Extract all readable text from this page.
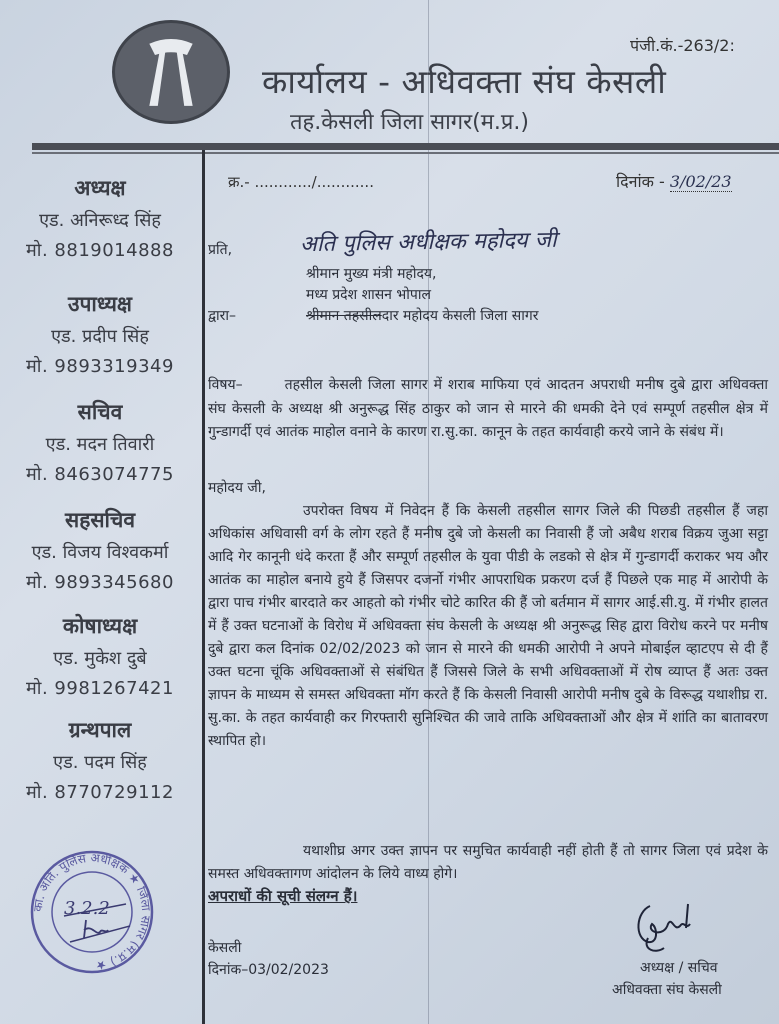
पंजी.कं.-263/2:
कार्यालय - अधिवक्ता संघ केसली
तह.केसली जिला सागर(म.प्र.)
अध्यक्ष
एड. अनिरूध्द सिंह
मो. 8819014888
उपाध्यक्ष
एड. प्रदीप सिंह
मो. 9893319349
सचिव
एड. मदन तिवारी
मो. 8463074775
सहसचिव
एड. विजय विश्वकर्मा
मो. 9893345680
कोषाध्यक्ष
एड. मुकेश दुबे
मो. 9981267421
ग्रन्थपाल
एड. पदम सिंह
मो. 8770729112
क्र.- ............/............	दिनांक - 3/02/23
प्रति,	अति पुलिस अधीक्षक महोदय जी
श्रीमान मुख्य मंत्री महोदय,
मध्य प्रदेश शासन भोपाल
द्वारा–	श्रीमान तहसीलदार महोदय केसली जिला सागर
विषय–	तहसील केसली जिला सागर में शराब माफिया एवं आदतन अपराधी मनीष दुबे द्वारा अधिवक्ता संघ केसली के अध्यक्ष श्री अनुरूद्ध सिंह ठाकुर को जान से मारने की धमकी देने एवं सम्पूर्ण तहसील क्षेत्र में गुन्डागर्दी एवं आतंक माहोल वनाने के कारण रा.सु.का. कानून के तहत कार्यवाही करये जाने के संबंध में।
महोदय जी,
उपरोक्त विषय में निवेदन हैं कि केसली तहसील सागर जिले की पिछडी तहसील हैं जहा अधिकांस अधिवासी वर्ग के लोग रहते हैं मनीष दुबे जो केसली का निवासी हैं जो अबैध शराब विक्रय जुआ सट्टा आदि गेर कानूनी धंदे करता हैं और सम्पूर्ण तहसील के युवा पीडी के लडको से क्षेत्र में गुन्डागर्दी कराकर भय और आतंक का माहोल बनाये हुये हैं जिसपर दजर्नो गंभीर आपराधिक प्रकरण दर्ज हैं पिछले एक माह में आरोपी के द्वारा पाच गंभीर बारदाते कर आहतो को गंभीर चोटे कारित की हैं जो बर्तमान में सागर आई.सी.यु. में गंभीर हालत में हैं उक्त घटनाओं के विरोध में अधिवक्ता संघ केसली के अध्यक्ष श्री अनुरूद्ध सिह द्वारा विरोध करने पर मनीष दुबे द्वारा कल दिनांक 02/02/2023 को जान से मारने की धमकी आरोपी ने अपने मोबाईल व्हाटएप से दी हैं उक्त घटना चूंकि अधिवक्ताओं से संबंधित हैं जिससे जिले के सभी अधिवक्ताओं में रोष व्याप्त हैं अतः उक्त ज्ञापन के माध्यम से समस्त अधिवक्ता मॉग करते हैं कि केसली निवासी आरोपी मनीष दुबे के विरूद्ध यथाशीघ्र रा. सु.का. के तहत कार्यवाही कर गिरफ्तारी सुनिश्चित की जावे ताकि अधिवक्ताओं और क्षेत्र में शांति का बातावरण स्थापित हो।
यथाशीघ्र अगर उक्त ज्ञापन पर समुचित कार्यवाही नहीं होती हैं तो सागर जिला एवं प्रदेश के समस्त अधिवक्तागण आंदोलन के लिये वाध्य होगे।
अपराधों की सूची संलग्न हैं।
केसली
दिनांक–03/02/2023	अध्यक्ष / सचिव
अधिवक्ता संघ केसली
का. अति. पुलिस अधीक्षक ★ जिला सागर (म.प्र.) ★
3.2.2
